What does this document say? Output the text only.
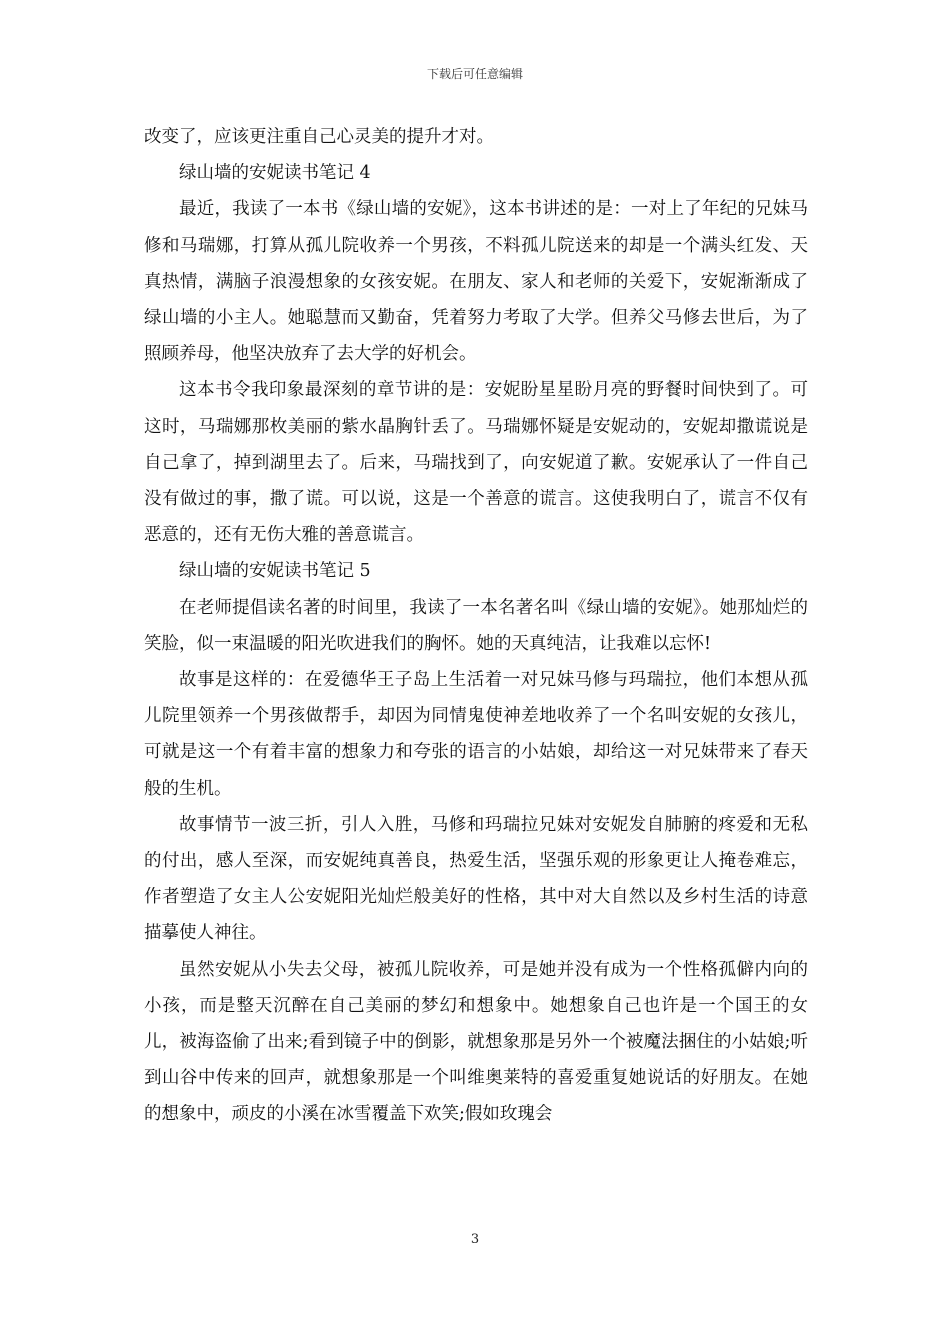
下载后可任意编辑

改变了，应该更注重自己心灵美的提升才对。

绿山墙的安妮读书笔记 4

最近，我读了一本书《绿山墙的安妮》，这本书讲述的是：一对上了年纪的兄妹马修和马瑞娜，打算从孤儿院收养一个男孩，不料孤儿院送来的却是一个满头红发、天真热情，满脑子浪漫想象的女孩安妮。在朋友、家人和老师的关爱下，安妮渐渐成了绿山墙的小主人。她聪慧而又勤奋，凭着努力考取了大学。但养父马修去世后，为了照顾养母，他坚决放弃了去大学的好机会。

这本书令我印象最深刻的章节讲的是：安妮盼星星盼月亮的野餐时间快到了。可这时，马瑞娜那枚美丽的紫水晶胸针丢了。马瑞娜怀疑是安妮动的，安妮却撒谎说是自己拿了，掉到湖里去了。后来，马瑞找到了，向安妮道了歉。安妮承认了一件自己没有做过的事，撒了谎。可以说，这是一个善意的谎言。这使我明白了，谎言不仅有恶意的，还有无伤大雅的善意谎言。

绿山墙的安妮读书笔记 5

在老师提倡读名著的时间里，我读了一本名著名叫《绿山墙的安妮》。她那灿烂的笑脸，似一束温暖的阳光吹进我们的胸怀。她的天真纯洁，让我难以忘怀!

故事是这样的：在爱德华王子岛上生活着一对兄妹马修与玛瑞拉，他们本想从孤儿院里领养一个男孩做帮手，却因为同情鬼使神差地收养了一个名叫安妮的女孩儿，可就是这一个有着丰富的想象力和夸张的语言的小姑娘，却给这一对兄妹带来了春天般的生机。

故事情节一波三折，引人入胜，马修和玛瑞拉兄妹对安妮发自肺腑的疼爱和无私的付出，感人至深，而安妮纯真善良，热爱生活，坚强乐观的形象更让人掩卷难忘，作者塑造了女主人公安妮阳光灿烂般美好的性格，其中对大自然以及乡村生活的诗意描摹使人神往。

虽然安妮从小失去父母，被孤儿院收养，可是她并没有成为一个性格孤僻内向的小孩，而是整天沉醉在自己美丽的梦幻和想象中。她想象自己也许是一个国王的女儿，被海盗偷了出来;看到镜子中的倒影，就想象那是另外一个被魔法捆住的小姑娘;听到山谷中传来的回声，就想象那是一个叫维奥莱特的喜爱重复她说话的好朋友。在她的想象中，顽皮的小溪在冰雪覆盖下欢笑;假如玫瑰会

3
